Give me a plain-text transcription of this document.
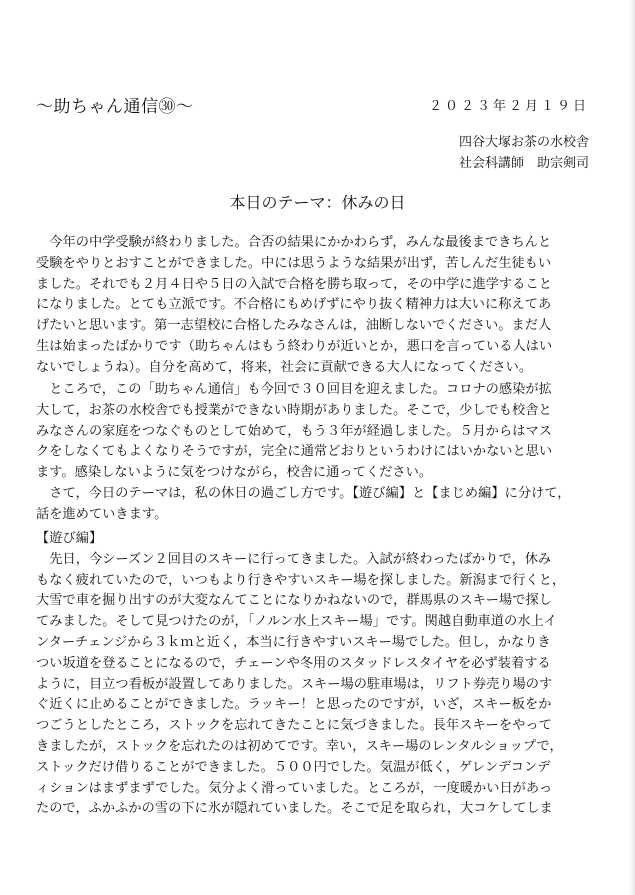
～助ちゃん通信㉚～	２０２３年２月１９日
四谷大塚お茶の水校舎
社会科講師　助宗剣司
本日のテーマ：休みの日
　今年の中学受験が終わりました。合否の結果にかかわらず，みんな最後まできちんと
受験をやりとおすことができました。中には思うような結果が出ず，苦しんだ生徒もい
ました。それでも２月４日や５日の入試で合格を勝ち取って，その中学に進学すること
になりました。とても立派です。不合格にもめげずにやり抜く精神力は大いに称えてあ
げたいと思います。第一志望校に合格したみなさんは，油断しないでください。まだ人
生は始まったばかりです（助ちゃんはもう終わりが近いとか，悪口を言っている人はい
ないでしょうね）。自分を高めて，将来，社会に貢献できる大人になってください。
　ところで，この「助ちゃん通信」も今回で３０回目を迎えました。コロナの感染が拡
大して，お茶の水校舎でも授業ができない時期がありました。そこで，少しでも校舎と
みなさんの家庭をつなぐものとして始めて，もう３年が経過しました。５月からはマス
クをしなくてもよくなりそうですが，完全に通常どおりというわけにはいかないと思い
ます。感染しないように気をつけながら，校舎に通ってください。
　さて，今日のテーマは，私の休日の過ごし方です。【遊び編】と【まじめ編】に分けて，
話を進めていきます。
【遊び編】
　先日，今シーズン２回目のスキーに行ってきました。入試が終わったばかりで，休み
もなく疲れていたので，いつもより行きやすいスキー場を探しました。新潟まで行くと，
大雪で車を掘り出すのが大変なんてことになりかねないので，群馬県のスキー場で探し
てみました。そして見つけたのが，「ノルン水上スキー場」です。関越自動車道の水上イ
ンターチェンジから３ｋｍと近く，本当に行きやすいスキー場でした。但し，かなりき
つい坂道を登ることになるので，チェーンや冬用のスタッドレスタイヤを必ず装着する
ように，目立つ看板が設置してありました。スキー場の駐車場は，リフト券売り場のす
ぐ近くに止めることができました。ラッキー！と思ったのですが，いざ，スキー板をか
つごうとしたところ，ストックを忘れてきたことに気づきました。長年スキーをやって
きましたが，ストックを忘れたのは初めてです。幸い，スキー場のレンタルショップで，
ストックだけ借りることができました。５００円でした。気温が低く，ゲレンデコンデ
ィションはまずまずでした。気分よく滑っていました。ところが，一度暖かい日があっ
たので，ふかふかの雪の下に氷が隠れていました。そこで足を取られ，大コケしてしま
